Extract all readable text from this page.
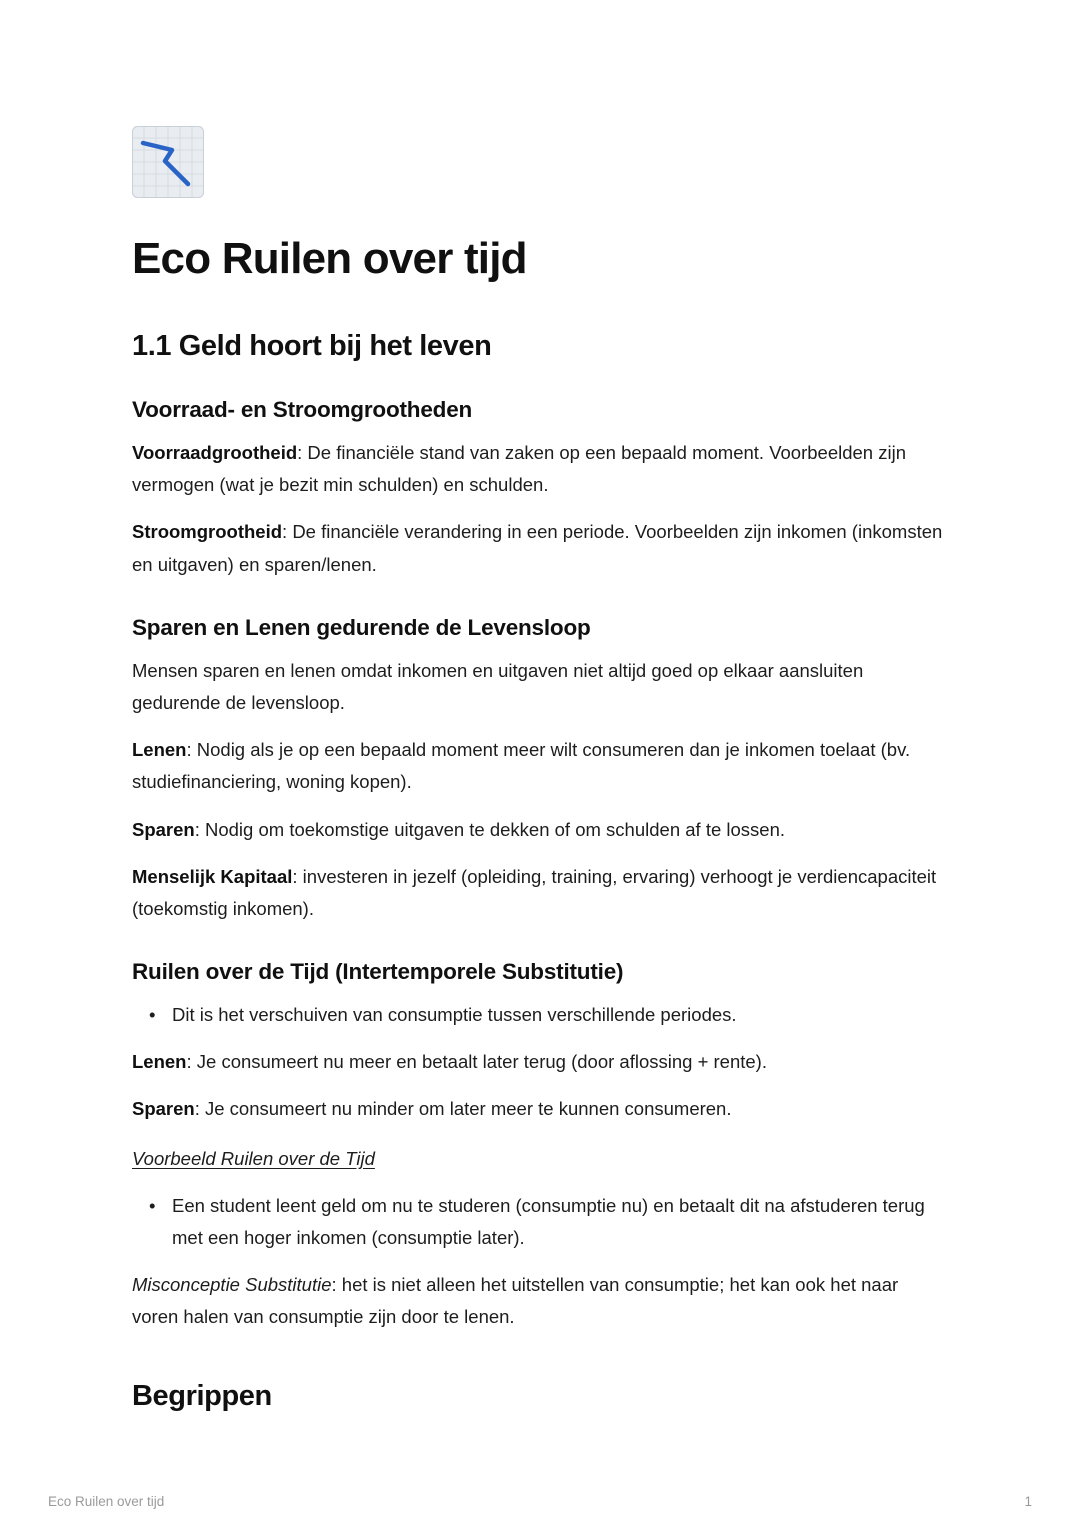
Eco Ruilen over tijd
1.1 Geld hoort bij het leven
Voorraad- en Stroomgrootheden

Voorraadgrootheid: De financiële stand van zaken op een bepaald moment. Voorbeelden zijn vermogen (wat je bezit min schulden) en schulden.

Stroomgrootheid: De financiële verandering in een periode. Voorbeelden zijn inkomen (inkomsten en uitgaven) en sparen/lenen.

Sparen en Lenen gedurende de Levensloop

Mensen sparen en lenen omdat inkomen en uitgaven niet altijd goed op elkaar aansluiten gedurende de levensloop.

Lenen: Nodig als je op een bepaald moment meer wilt consumeren dan je inkomen toelaat (bv. studiefinanciering, woning kopen).

Sparen: Nodig om toekomstige uitgaven te dekken of om schulden af te lossen.

Menselijk Kapitaal: investeren in jezelf (opleiding, training, ervaring) verhoogt je verdiencapaciteit (toekomstig inkomen).

Ruilen over de Tijd (Intertemporele Substitutie)
• Dit is het verschuiven van consumptie tussen verschillende periodes.

Lenen: Je consumeert nu meer en betaalt later terug (door aflossing + rente).

Sparen: Je consumeert nu minder om later meer te kunnen consumeren.

Voorbeeld Ruilen over de Tijd

• Een student leent geld om nu te studeren (consumptie nu) en betaalt dit na afstuderen terug met een hoger inkomen (consumptie later).

Misconceptie Substitutie: het is niet alleen het uitstellen van consumptie; het kan ook het naar voren halen van consumptie zijn door te lenen.

Begrippen
Eco Ruilen over tijd	1
